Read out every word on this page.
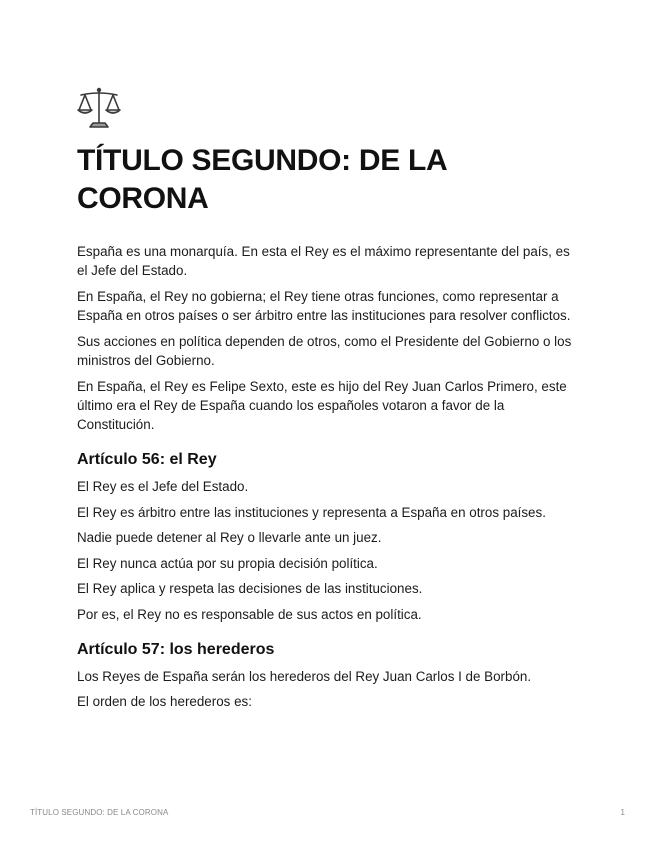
TÍTULO SEGUNDO: DE LA CORONA

España es una monarquía. En esta el Rey es el máximo representante del país, es el Jefe del Estado.

En España, el Rey no gobierna; el Rey tiene otras funciones, como representar a España en otros países o ser árbitro entre las instituciones para resolver conflictos.

Sus acciones en política dependen de otros, como el Presidente del Gobierno o los ministros del Gobierno.

En España, el Rey es Felipe Sexto, este es hijo del Rey Juan Carlos Primero, este último era el Rey de España cuando los españoles votaron a favor de la Constitución.

Artículo 56: el Rey

El Rey es el Jefe del Estado.

El Rey es árbitro entre las instituciones y representa a España en otros países.

Nadie puede detener al Rey o llevarle ante un juez.

El Rey nunca actúa por su propia decisión política.

El Rey aplica y respeta las decisiones de las instituciones.

Por es, el Rey no es responsable de sus actos en política.

Artículo 57: los herederos

Los Reyes de España serán los herederos del Rey Juan Carlos I de Borbón.

El orden de los herederos es:

TÍTULO SEGUNDO: DE LA CORONA	1
